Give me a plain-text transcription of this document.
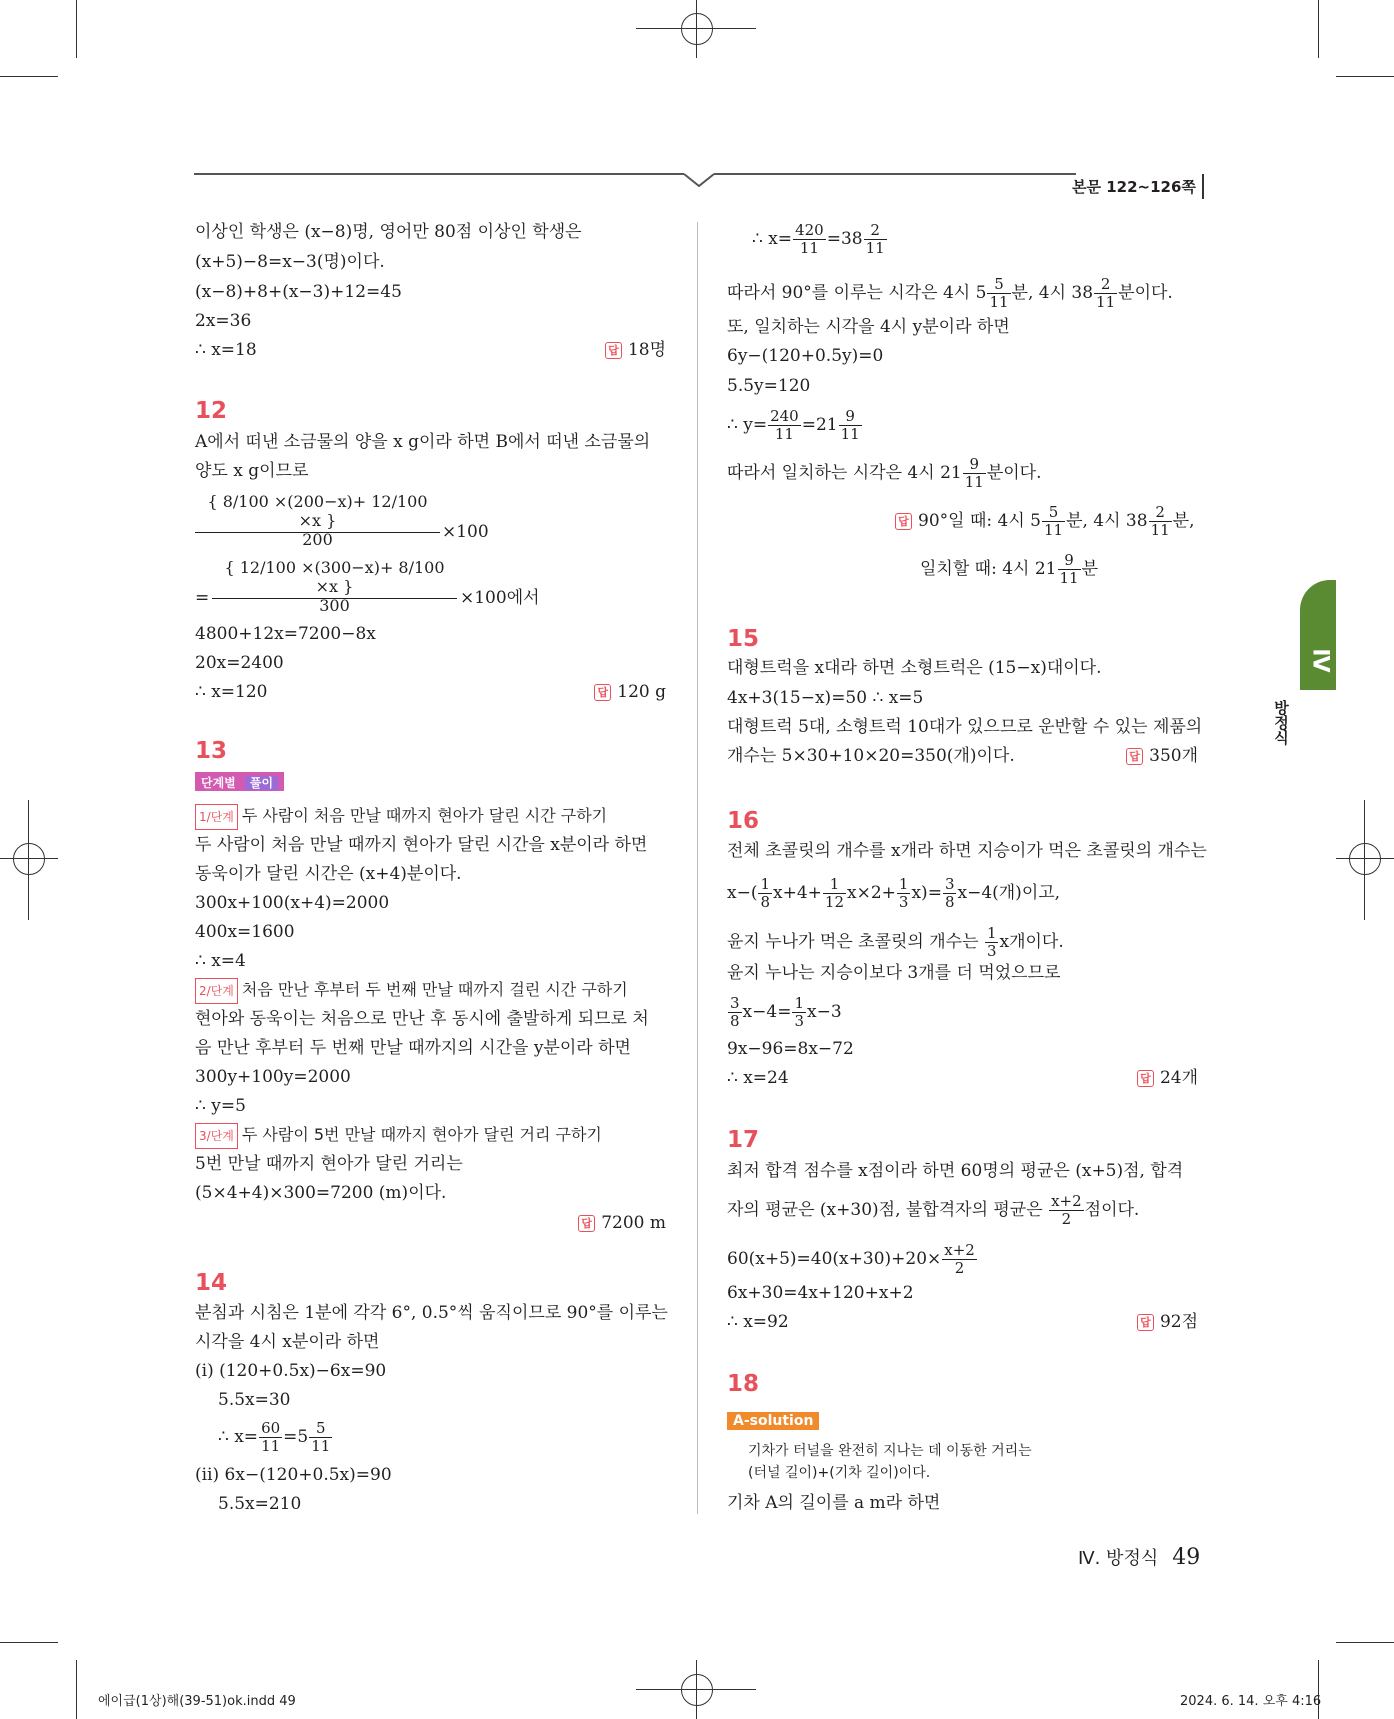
본문 122~126쪽
Ⅳ
방정식
이상인 학생은 (x−8)명, 영어만 80점 이상인 학생은
(x+5)−8=x−3(명)이다.
(x−8)+8+(x−3)+12=45
2x=36
∴ x=18	답 18명
12
A에서 떠낸 소금물의 양을 x g이라 하면 B에서 떠낸 소금물의
양도 x g이므로
{ 8/100 ×(200−x)+ 12/100 ×x }
200	×100
=
{ 12/100 ×(300−x)+ 8/100 ×x }
300	×100에서
4800+12x=7200−8x
20x=2400
∴ x=120	답 120 g
13
단계별 풀이
1/단계 두 사람이 처음 만날 때까지 현아가 달린 시간 구하기
두 사람이 처음 만날 때까지 현아가 달린 시간을 x분이라 하면
동욱이가 달린 시간은 (x+4)분이다.
300x+100(x+4)=2000
400x=1600
∴ x=4
2/단계 처음 만난 후부터 두 번째 만날 때까지 걸린 시간 구하기
현아와 동욱이는 처음으로 만난 후 동시에 출발하게 되므로 처
음 만난 후부터 두 번째 만날 때까지의 시간을 y분이라 하면
300y+100y=2000
∴ y=5
3/단계 두 사람이 5번 만날 때까지 현아가 달린 거리 구하기
5번 만날 때까지 현아가 달린 거리는
(5×4+4)×300=7200 (m)이다.
답 7200 m
14
분침과 시침은 1분에 각각 6°, 0.5°씩 움직이므로 90°를 이루는
시각을 4시 x분이라 하면
(ⅰ) (120+0.5x)−6x=90
5.5x=30
∴ $x= \frac{60}{11} =5 \frac{5}{11}$
(ⅱ) 6x−(120+0.5x)=90
5.5x=210
∴ $x= \frac{420}{11} =38 \frac{2}{11}$
따라서 90°를 이루는 시각은 4시 $5 \frac{5}{11}$ 분, 4시 $38 \frac{2}{11}$ 분이다.
또, 일치하는 시각을 4시 y분이라 하면
6y−(120+0.5y)=0
5.5y=120
∴ $y= \frac{240}{11} =21 \frac{9}{11}$
따라서 일치하는 시각은 4시 $21 \frac{9}{11}$ 분이다.
답 90°일 때: 4시 $5 \frac{5}{11}$ 분, 4시 $38 \frac{2}{11}$ 분,
일치할 때: 4시 $21 \frac{9}{11}$ 분
15
대형트럭을 x대라 하면 소형트럭은 (15−x)대이다.
4x+3(15−x)=50 ∴ x=5
대형트럭 5대, 소형트럭 10대가 있으므로 운반할 수 있는 제품의
개수는 5×30+10×20=350(개)이다.	답 350개
16
전체 초콜릿의 개수를 x개라 하면 지승이가 먹은 초콜릿의 개수는
$x-( \frac{1}{8} x+4+ \frac{1}{12} x\times 2+ \frac{1}{3} x)= \frac{3}{8} x-4$(개)이고,
윤지 누나가 먹은 초콜릿의 개수는 $\frac{1}{3}$ x개이다.
윤지 누나는 지승이보다 3개를 더 먹었으므로
$\frac{3}{8} x-4= \frac{1}{3} x-3$
9x−96=8x−72
∴ x=24	답 24개
17
최저 합격 점수를 x점이라 하면 60명의 평균은 (x+5)점, 합격
자의 평균은 (x+30)점, 불합격자의 평균은 $\frac{x+2}{2}$ 점이다.
$60(x+5)=40(x+30)+20\times \frac{x+2}{2}$
6x+30=4x+120+x+2
∴ x=92	답 92점
18
A-solution
기차가 터널을 완전히 지나는 데 이동한 거리는
(터널 길이)+(기차 길이)이다.
기차 A의 길이를 a m라 하면
Ⅳ. 방정식 49
에이급(1상)해(39-51)ok.indd 49	2024. 6. 14. 오후 4:16
